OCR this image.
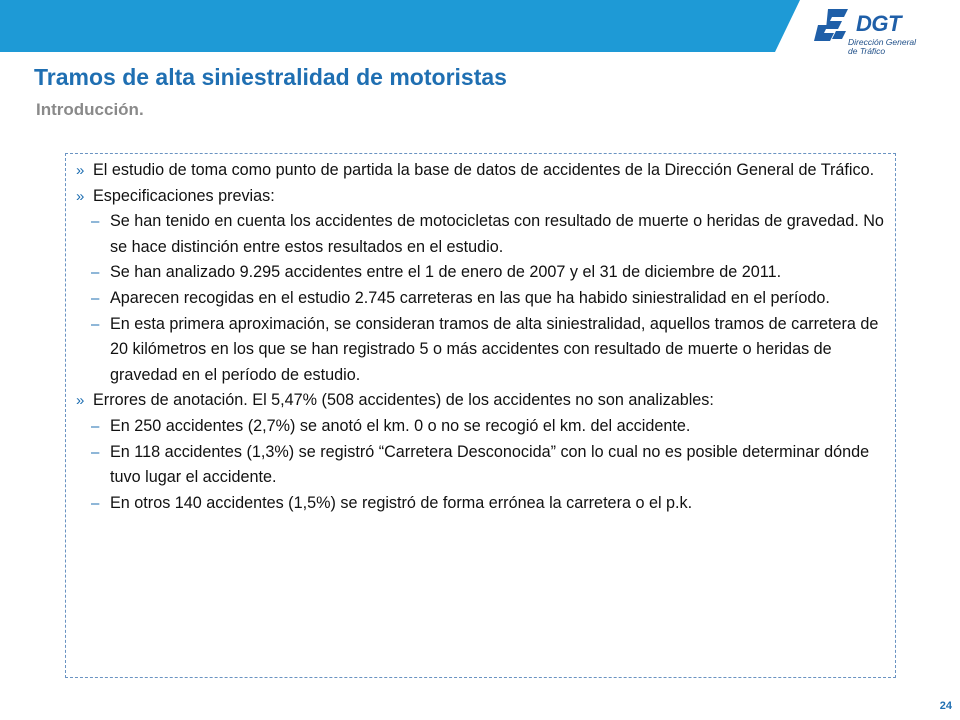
DGT
Dirección General
de Tráfico
Tramos de alta siniestralidad de motoristas
Introducción.
» El estudio de toma como punto de partida la base de datos de accidentes de la Dirección General de Tráfico.
» Especificaciones previas:
– Se han tenido en cuenta los accidentes de motocicletas con resultado de muerte o heridas de gravedad. No se hace distinción entre estos resultados en el estudio.
– Se han analizado 9.295 accidentes entre el 1 de enero de 2007 y el 31 de diciembre de 2011.
– Aparecen recogidas en el estudio 2.745 carreteras en las que ha habido siniestralidad en el período.
– En esta primera aproximación, se consideran tramos de alta siniestralidad, aquellos tramos de carretera de 20 kilómetros en los que se han registrado 5 o más accidentes con resultado de muerte o heridas de gravedad en el período de estudio.
» Errores de anotación. El 5,47% (508 accidentes) de los accidentes no son analizables:
– En 250 accidentes (2,7%) se anotó el km. 0 o no se recogió el km. del accidente.
– En 118 accidentes (1,3%) se registró “Carretera Desconocida” con lo cual no es posible determinar dónde tuvo lugar el accidente.
– En otros 140 accidentes (1,5%) se registró de forma errónea la carretera o el p.k.
24
